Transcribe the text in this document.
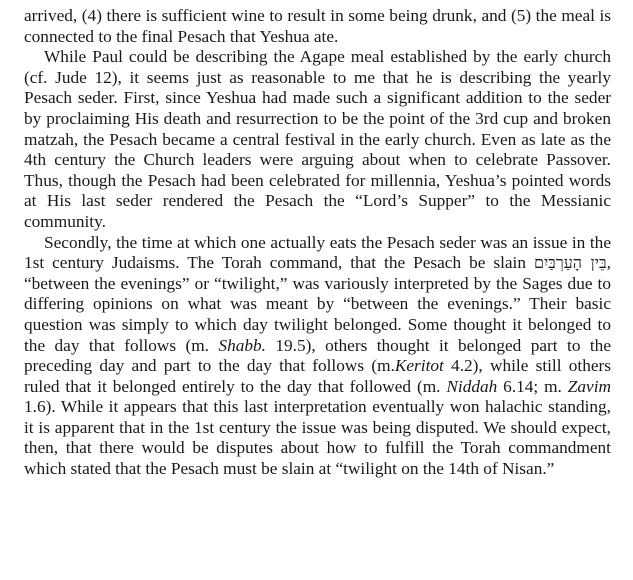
arrived, (4) there is sufficient wine to result in some being drunk, and (5) the meal is connected to the final Pesach that Yeshua ate.

While Paul could be describing the Agape meal established by the early church (cf. Jude 12), it seems just as reasonable to me that he is describing the yearly Pesach seder. First, since Yeshua had made such a significant addition to the seder by proclaiming His death and resurrection to be the point of the 3rd cup and broken matzah, the Pesach became a central festival in the early church. Even as late as the 4th century the Church leaders were arguing about when to celebrate Passover. Thus, though the Pesach had been celebrated for millennia, Yeshua’s pointed words at His last seder rendered the Pesach the “Lord’s Supper” to the Messianic community.

Secondly, the time at which one actually eats the Pesach seder was an issue in the 1st century Judaisms. The Torah command, that the Pesach be slain בֵּין הָעַרְבַּיִם, “between the evenings” or “twilight,” was variously interpreted by the Sages due to differing opinions on what was meant by “between the evenings.” Their basic question was simply to which day twilight belonged. Some thought it belonged to the day that follows (m. Shabb. 19.5), others thought it belonged part to the preceding day and part to the day that follows (m.Keritot 4.2), while still others ruled that it belonged entirely to the day that followed (m. Niddah 6.14; m. Zavim 1.6). While it appears that this last interpretation eventually won halachic standing, it is apparent that in the 1st century the issue was being disputed. We should expect, then, that there would be disputes about how to fulfill the Torah commandment which stated that the Pesach must be slain at “twilight on the 14th of Nisan.”
